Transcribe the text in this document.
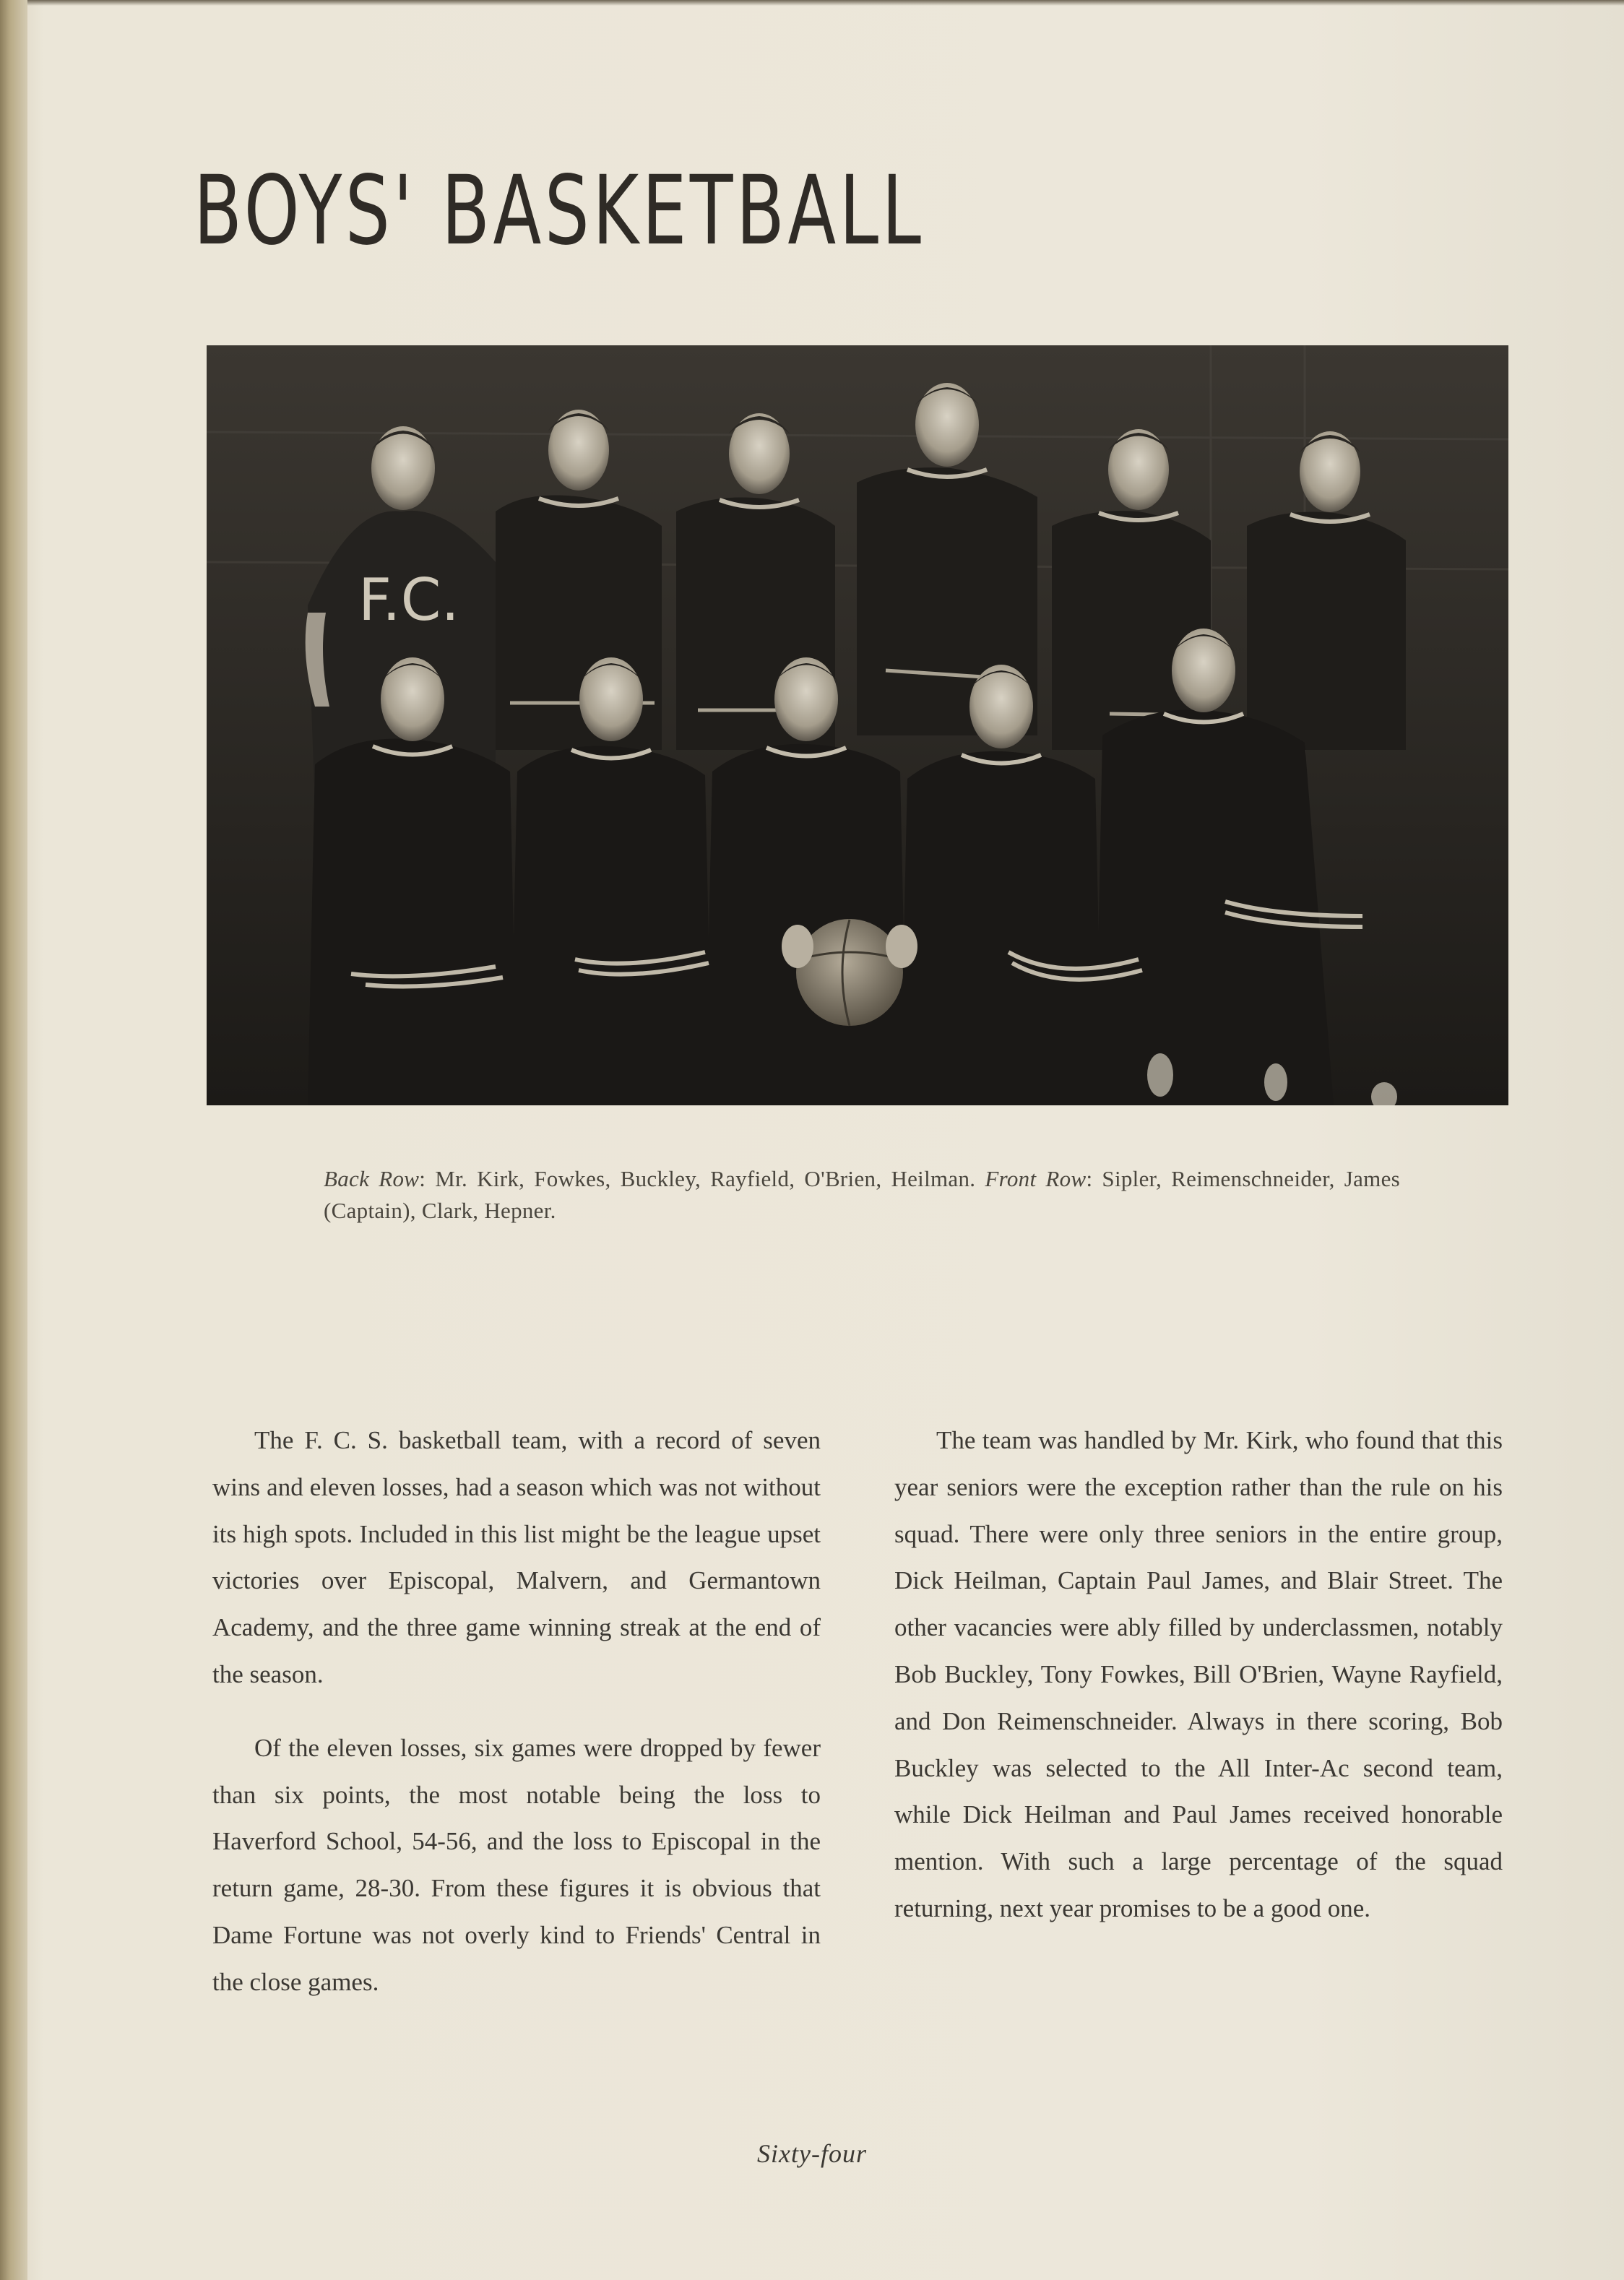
BOYS' BASKETBALL
F.C.
Back Row: Mr. Kirk, Fowkes, Buckley, Rayfield, O'Brien, Heilman. Front Row: Sipler, Reimenschneider, James (Captain), Clark, Hepner.

The F. C. S. basketball team, with a record of seven wins and eleven losses, had a season which was not without its high spots. Included in this list might be the league upset victories over Episcopal, Malvern, and Germantown Academy, and the three game winning streak at the end of the season.

Of the eleven losses, six games were dropped by fewer than six points, the most notable being the loss to Haverford School, 54-56, and the loss to Episcopal in the return game, 28-30. From these figures it is obvious that Dame Fortune was not overly kind to Friends' Central in the close games.

The team was handled by Mr. Kirk, who found that this year seniors were the exception rather than the rule on his squad. There were only three seniors in the entire group, Dick Heilman, Captain Paul James, and Blair Street. The other vacancies were ably filled by underclassmen, notably Bob Buckley, Tony Fowkes, Bill O'Brien, Wayne Rayfield, and Don Reimenschneider. Always in there scoring, Bob Buckley was selected to the All Inter-Ac second team, while Dick Heilman and Paul James received honorable mention. With such a large percentage of the squad returning, next year promises to be a good one.

Sixty-four
